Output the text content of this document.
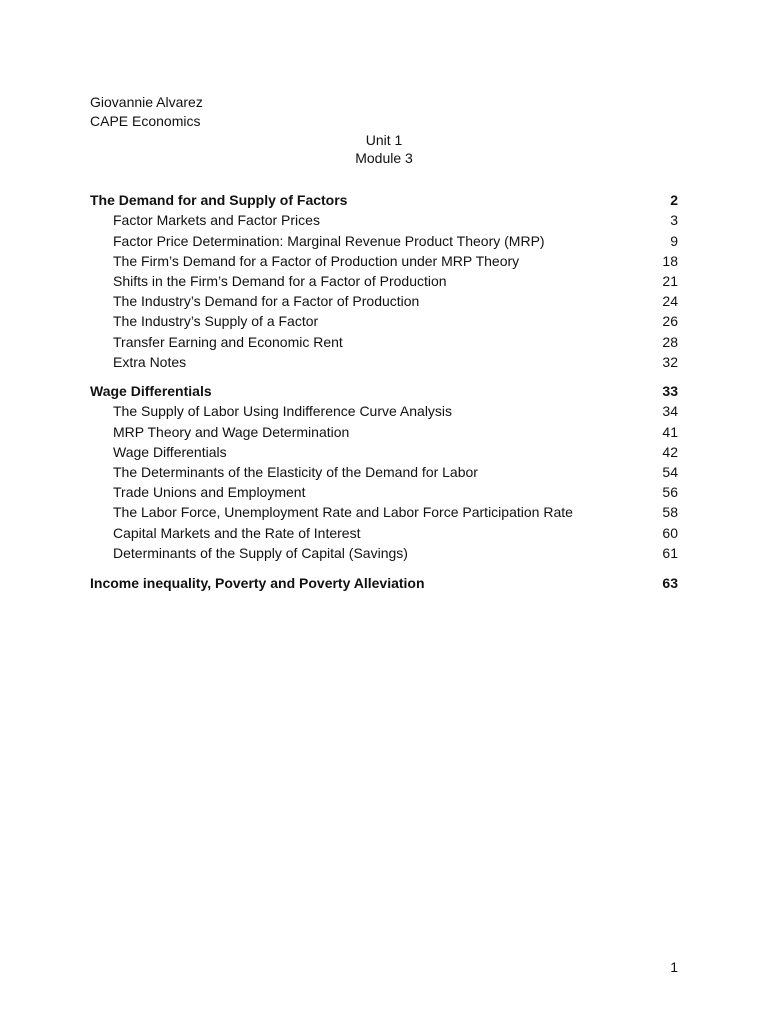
Giovannie Alvarez
CAPE Economics
Unit 1
Module 3
The Demand for and Supply of Factors	2
Factor Markets and Factor Prices	3
Factor Price Determination: Marginal Revenue Product Theory (MRP)	9
The Firm’s Demand for a Factor of Production under MRP Theory	18
Shifts in the Firm’s Demand for a Factor of Production	21
The Industry’s Demand for a Factor of Production	24
The Industry’s Supply of a Factor	26
Transfer Earning and Economic Rent	28
Extra Notes	32
Wage Differentials	33
The Supply of Labor Using Indifference Curve Analysis	34
MRP Theory and Wage Determination	41
Wage Differentials	42
The Determinants of the Elasticity of the Demand for Labor	54
Trade Unions and Employment	56
The Labor Force, Unemployment Rate and Labor Force Participation Rate	58
Capital Markets and the Rate of Interest	60
Determinants of the Supply of Capital (Savings)	61
Income inequality, Poverty and Poverty Alleviation	63
1
